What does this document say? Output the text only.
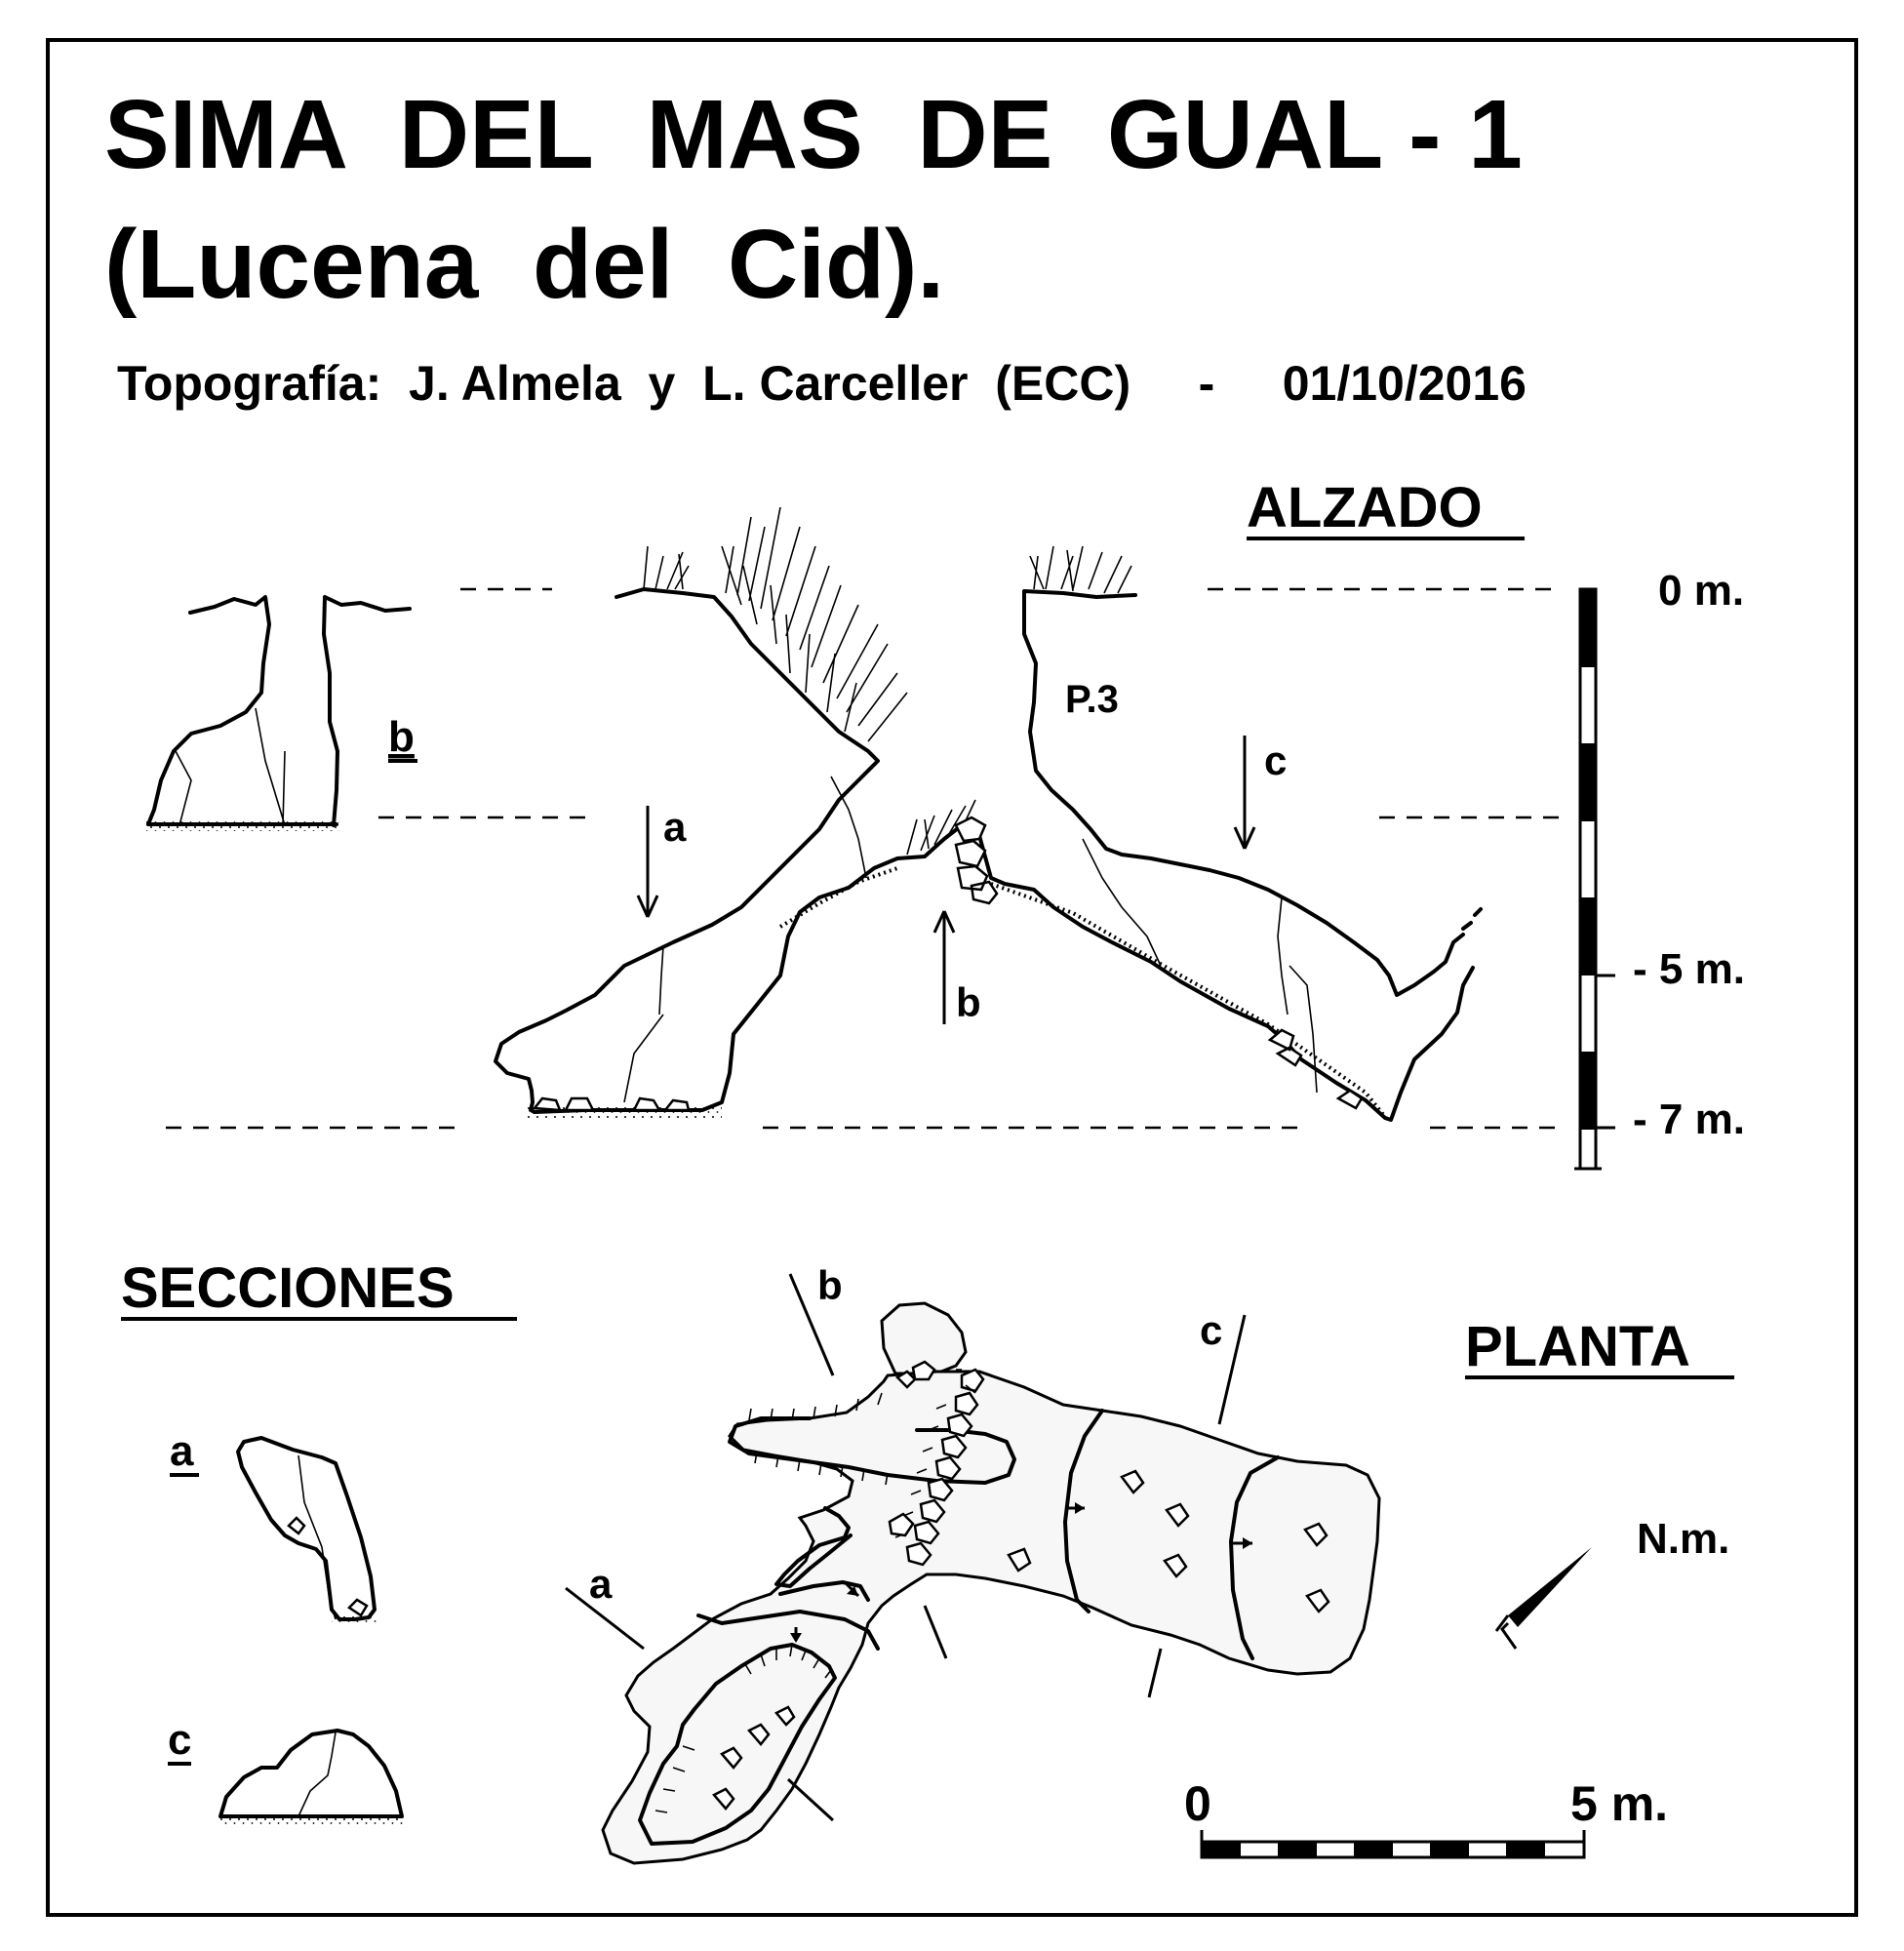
SIMA  DEL  MAS  DE  GUAL - 1
(Lucena  del  Cid).
Topografía:  J. Almela  y  L. Carceller  (ECC)     -     01/10/2016
ALZADO
a
b
c
b
P.3
0 m.
- 5 m.
- 7 m.
SECCIONES
a
c
PLANTA
a
b
c
N.m.
0	5 m.
